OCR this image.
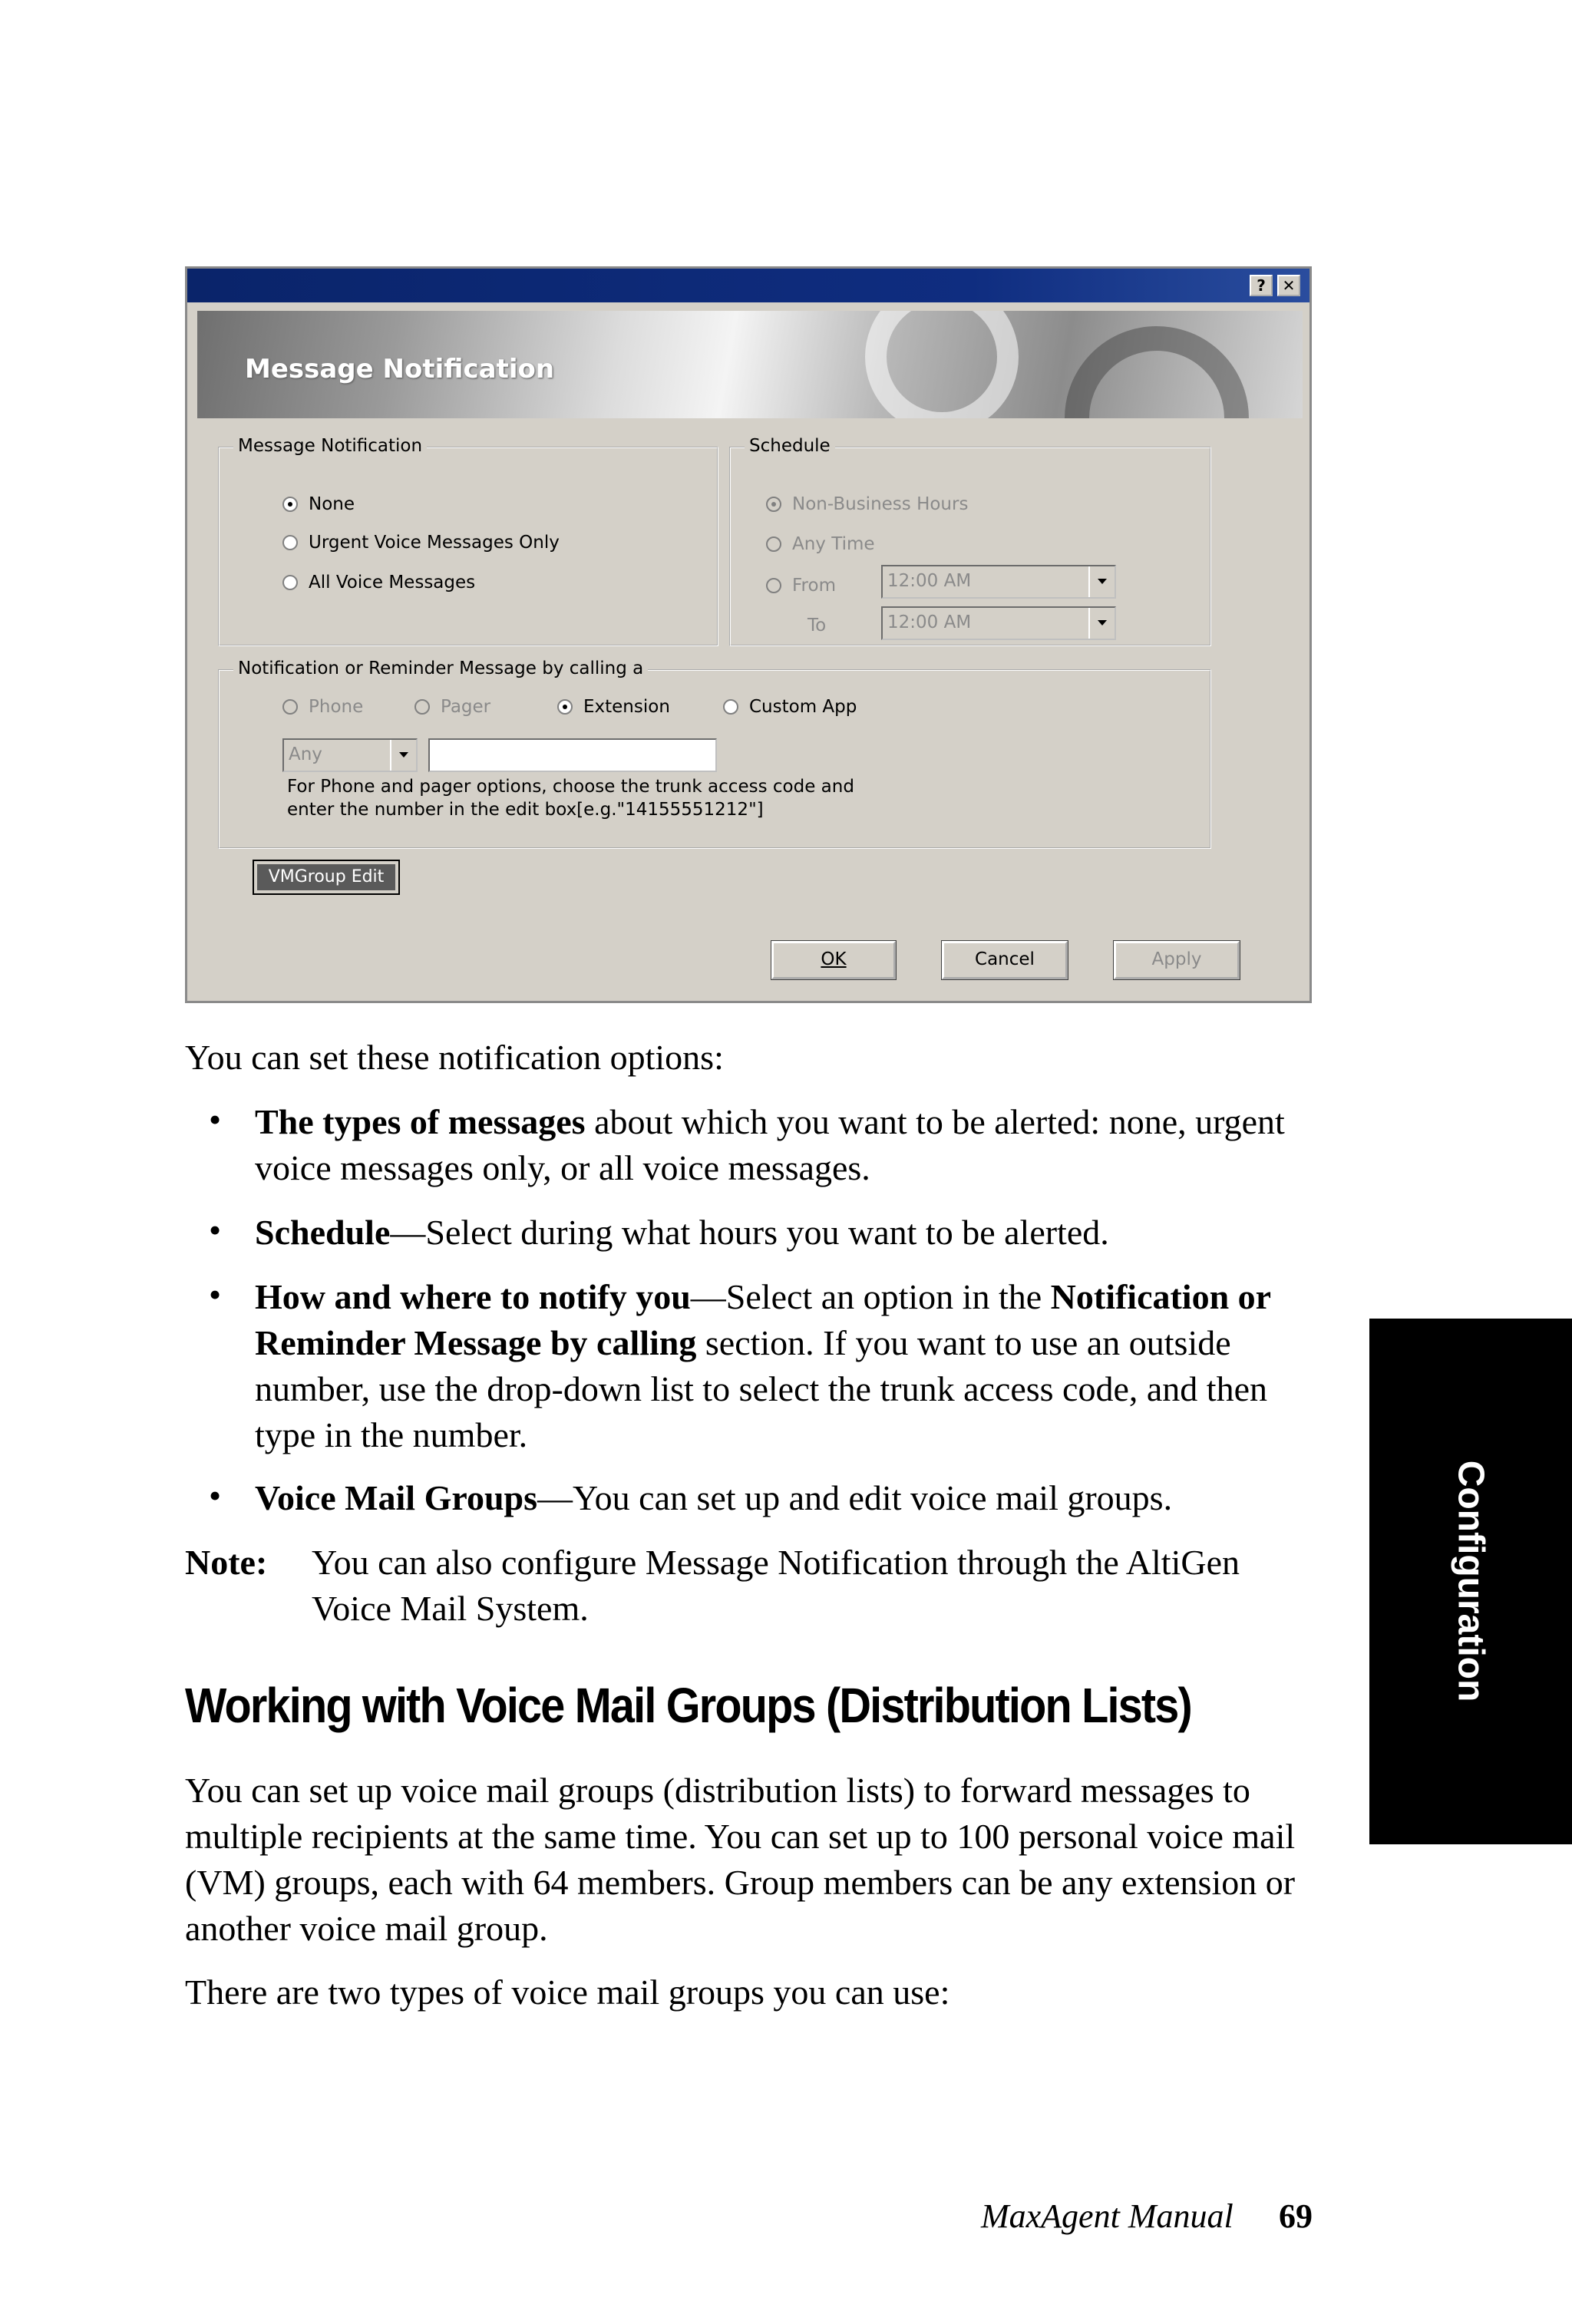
?	✕
Message Notification
Message Notification
None
Urgent Voice Messages Only
All Voice Messages
Schedule
Non-Business Hours
Any Time
From
To
12:00 AM
12:00 AM
Notification or Reminder Message by calling a
Phone	Pager	Extension	Custom App
Any
For Phone and pager options, choose the trunk access code and
enter the number in the edit box[e.g."14155551212"]
VMGroup Edit
OK	Cancel	Apply
You can set these notification options:
• The types of messages about which you want to be alerted: none, urgent voice messages only, or all voice messages.
• Schedule—Select during what hours you want to be alerted.
• How and where to notify you—Select an option in the Notification or Reminder Message by calling section. If you want to use an outside number, use the drop-down list to select the trunk access code, and then type in the number.
• Voice Mail Groups—You can set up and edit voice mail groups.
Note: You can also configure Message Notification through the AltiGen Voice Mail System.
Working with Voice Mail Groups (Distribution Lists)
You can set up voice mail groups (distribution lists) to forward messages to multiple recipients at the same time. You can set up to 100 personal voice mail (VM) groups, each with 64 members. Group members can be any extension or another voice mail group.
There are two types of voice mail groups you can use:
Configuration
MaxAgent Manual 69
